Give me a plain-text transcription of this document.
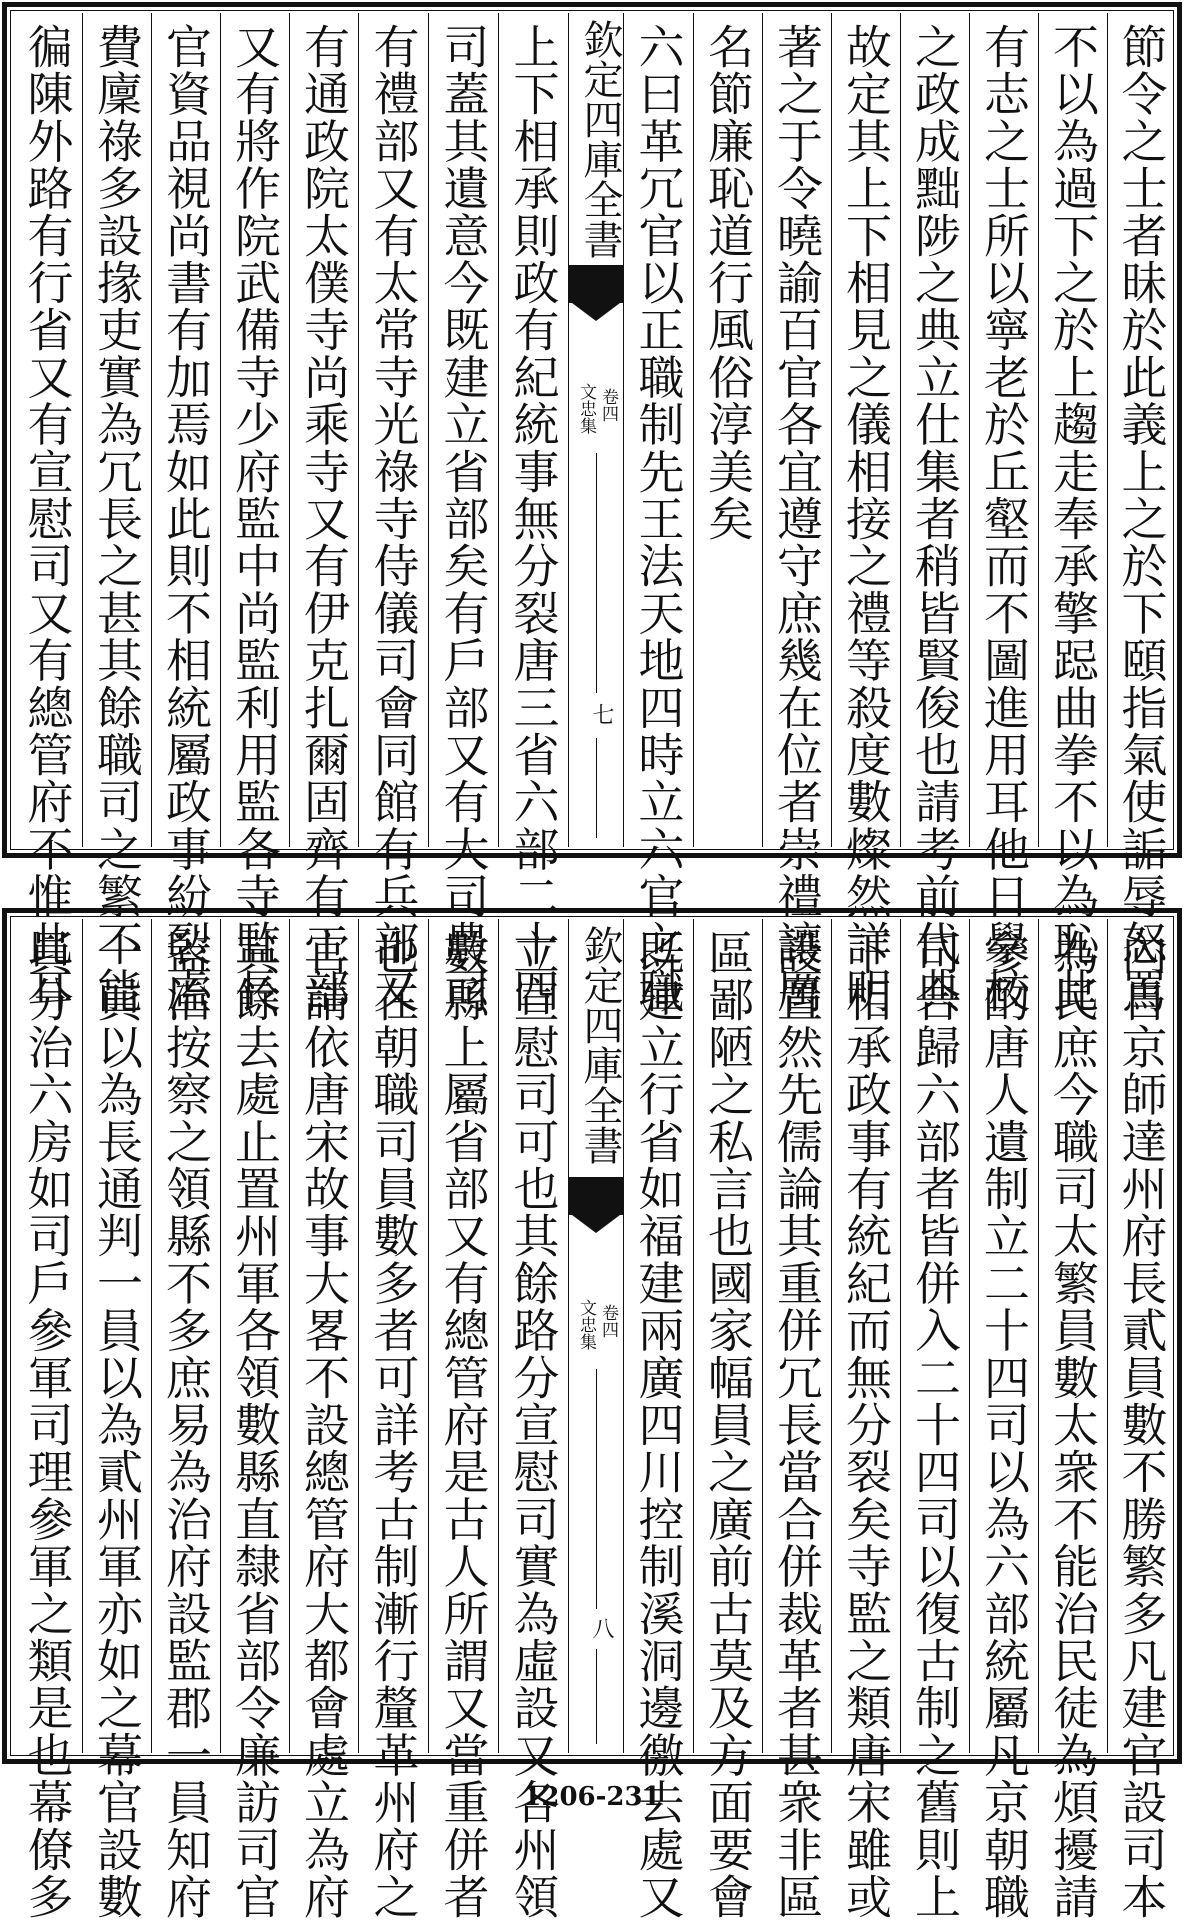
徧陳外路有行省又有宣慰司又有總管府不惟此耳 費廩祿多設掾吏實為冗長之甚其餘職司之繁不能 官資品視尚書有加焉如此則不相統屬政事紛裂虛 又有將作院武備寺少府監中尚監利用監各寺監長 有通政院太僕寺尚乘寺又有伊克扎爾固齊有工部 有禮部又有太常寺光祿寺侍儀司會同館有兵部又 司蓋其遺意今既建立省部矣有戶部又有大司農司 上下相承則政有紀統事無分裂唐三省六部二十四 欽定四庫全書
文忠集 卷四
七 六曰革冗官以正職制先王法天地四時立六官之職 名節廉恥道行風俗淳美矣 著之于令曉諭百官各宜遵守庶幾在位者崇禮讓厲 故定其上下相見之儀相接之禮等殺度數燦然詳明 之政成黜陟之典立仕集者稍皆賢俊也請考前代典 有志之士所以寧老於丘壑而不圖進用耳他日學校 不以為過下之於上趨走奉承擎跽曲拳不以為恥此 節令之士者昧於此義上之於下頤指氣使詬辱怒罵
員分治六房如司戶參軍司理參軍之類是也幕僚多 一員以為長通判一員以為貳州軍亦如之幕官設數 監治按察之領縣不多庶易為治府設監郡一員知府 其餘去處止置州軍各領數縣直隸省部令廉訪司官 官請依唐宋故事大畧不設總管府大都會處立為府 也在朝職司員數多者可詳考古制漸行釐革州府之 數縣上屬省部又有總管府是古人所謂又當重併者 立宣慰司可也其餘路分宣慰司實為虛設又各州領 欽定四庫全書
文忠集 卷四
八 既建立行省如福建兩廣四川控制溪洞邊徼去處又 區鄙陋之私言也國家幅員之廣前古莫及方面要會 設置然先儒論其重併冗長當合併裁革者甚衆非區 下相承政事有統紀而無分裂矣寺監之類唐宋雖或 司合歸六部者皆併入二十四司以復古制之舊則上 參酌唐人遺制立二十四司以為六部統屬凡京朝職 為民庶今職司太繁員數太衆不能治民徒為煩擾請 內自京師達州府長貳員數不勝繁多凡建官設司本
1206-231
